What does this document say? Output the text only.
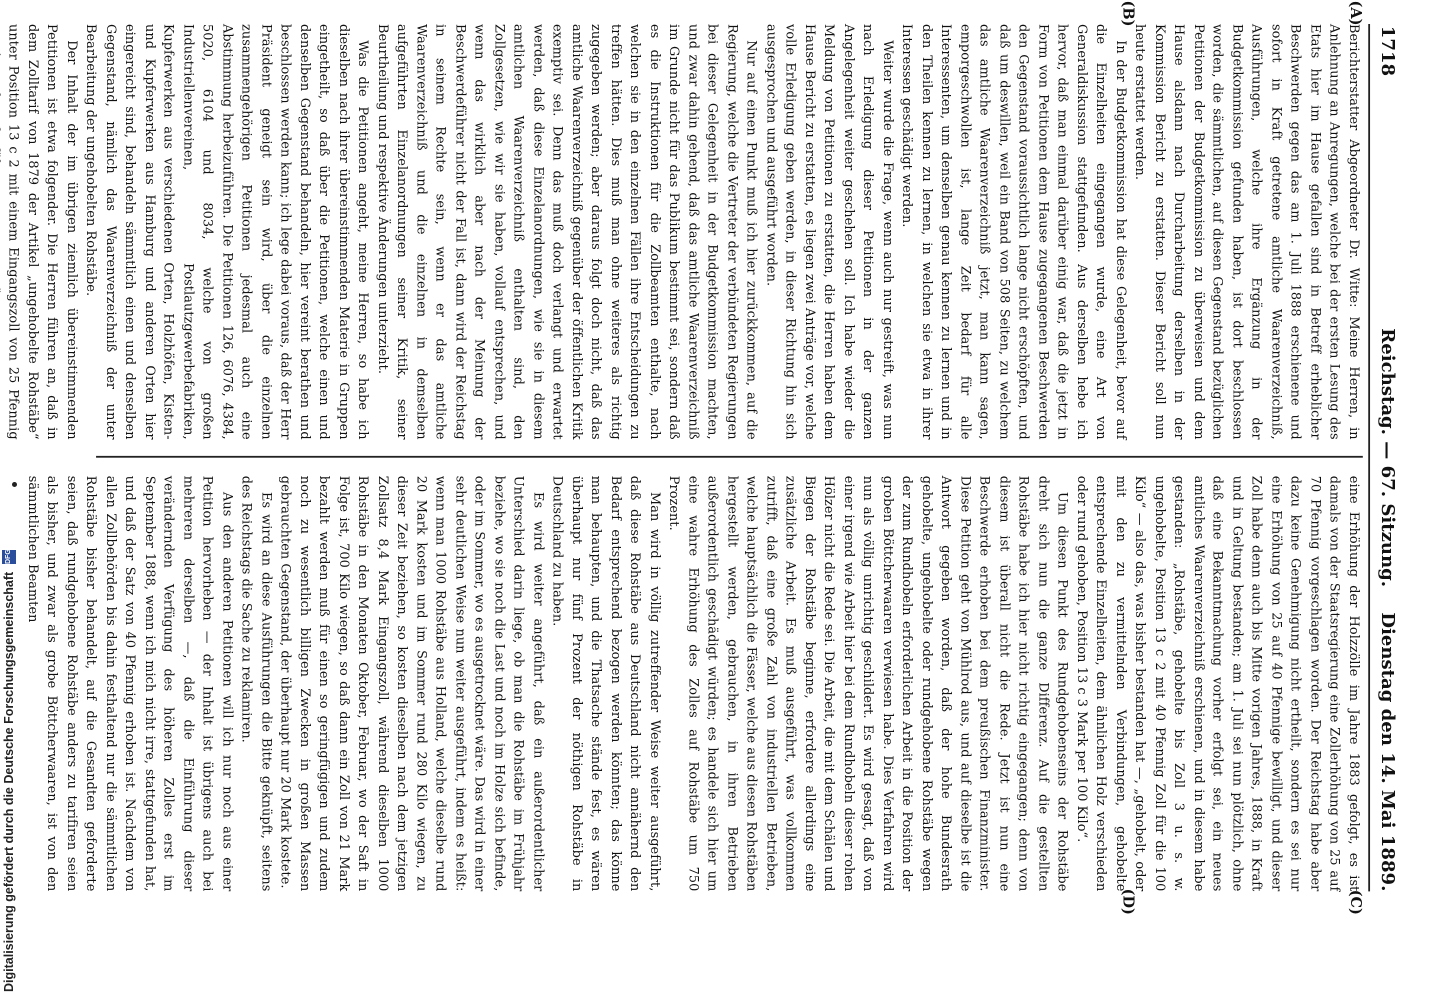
1718
Reichstag. — 67. Sitzung.
Dienstag den 14. Mai 1889.

Berichterstatter Abgeordneter Dr. Witte: Meine Herren, in Anlehnung an Anregungen, welche bei der ersten Lesung des Etats hier im Hause gefallen sind in Betreff erheblicher Beschwerden gegen das am 1. Juli 1888 erschienene und sofort in Kraft getretene amtliche Waarenverzeichniß, Ausführungen, welche ihre Ergänzung in der Budgetkommission gefunden haben, ist dort beschlossen worden, die sämmtlichen, auf diesen Gegenstand bezüglichen Petitionen der Budgetkommission zu überweisen und dem Hause alsdann nach Durcharbeitung derselben in der Kommission Bericht zu erstatten. Dieser Bericht soll nun heute erstattet werden.

In der Budgetkommission hat diese Gelegenheit, bevor auf die Einzelheiten eingegangen wurde, eine Art von Generaldiskussion stattgefunden. Aus derselben hebe ich hervor, daß man einmal darüber einig war, daß die jetzt in Form von Petitionen dem Hause zugegangenen Beschwerden den Gegenstand voraussichtlich lange nicht erschöpften, und daß um deswillen, weil ein Band von 508 Seiten, zu welchem das amtliche Waarenverzeichniß jetzt, man kann sagen, emporgeschwollen ist, lange Zeit bedarf für alle Interessenten, um denselben genau kennen zu lernen und in den Theilen kennen zu lernen, in welchen sie etwa in ihrer Interessen geschädigt werden.

Weiter wurde die Frage, wenn auch nur gestreift, was nun nach Erledigung dieser Petitionen in der ganzen Angelegenheit weiter geschehen soll. Ich habe wieder die Meldung von Petitionen zu erstatten, die Herren haben dem Hause Bericht zu erstatten, es liegen zwei Anträge vor, welche volle Erledigung geben werden, in dieser Richtung hin sich ausgesprochen und ausgeführt worden.

Nur auf einen Punkt muß ich hier zurückkommen, auf die Regierung, welche die Vertreter der verbündeten Regierungen bei dieser Gelegenheit in der Budgetkommission machten, und zwar dahin gehend, daß das amtliche Waarenverzeichniß im Grunde nicht für das Publikum bestimmt sei, sondern daß es die Instruktionen für die Zollbeamten enthalte, nach welchen sie in den einzelnen Fällen ihre Entscheidungen zu treffen hätten. Dies muß man ohne weiteres als richtig zugegeben werden; aber daraus folgt doch nicht, daß das amtliche Waarenverzeichniß gegenüber der öffentlichen Kritik exemptiv sei. Denn das muß doch verlangt und erwartet werden, daß diese Einzelanordnungen, wie sie in diesem amtlichen Waarenverzeichniß enthalten sind, den Zollgesetzen, wie wir sie haben, vollauf entsprechen, und wenn das wirklich aber nach der Meinung der Beschwerdeführer nicht der Fall ist, dann wird der Reichstag in seinem Rechte sein, wenn er das amtliche Waarenverzeichniß und die einzelnen in demselben aufgeführten Einzelanordnungen seiner Kritik, seiner Beurtheilung und respektive Änderungen unterzieht.

Was die Petitionen angeht, meine Herren, so habe ich dieselben nach ihrer übereinstimmenden Materie in Gruppen eingetheilt, so daß über die Petitionen, welche einen und denselben Gegenstand behandeln, hier vereint berathen und beschlossen werden kann; ich lege dabei voraus, daß der Herr Präsident geneigt sein wird, über die einzelnen zusammengehörigen Petitionen jedesmal auch eine Abstimmung herbeizuführen. Die Petitionen 126, 6076, 4384, 5020, 6104 und 8034, welche von großen Industriellenvereinen, Postlautzgewerbefabriken, Kupferwerken aus verschiedenen Orten, Holzhöfen, Kisten- und Kupferwerken aus Hamburg und anderen Orten hier eingereicht sind, behandeln sämmtlich einen und denselben Gegenstand, nämlich das Waarenverzeichniß der unter Bearbeitung der ungehobelten Rohstäbe.

Der Inhalt der im übrigen ziemlich übereinstimmenden Petitionen ist etwa folgender. Die Herren führen an, daß in dem Zolltarif von 1879 der Artikel „ungehobelte Rohstäbe“ unter Position 13 c 2 mit einem Eingangszoll von 25 Pfennig

eine Erhöhung der Holzzölle im Jahre 1883 gefolgt, es ist damals von der Staatsregierung eine Zollerhöhung von 25 auf 70 Pfennig vorgeschlagen worden. Der Reichstag habe aber dazu keine Genehmigung nicht ertheilt, sondern es sei nur eine Erhöhung von 25 auf 40 Pfennige bewilligt, und dieser Zoll habe denn auch bis Mitte vorigen Jahres, 1888, in Kraft und in Geltung bestanden; am 1. Juli sei nun plötzlich, ohne daß eine Bekanntmachung vorher erfolgt sei, ein neues amtliches Waarenverzeichniß erschienen, und in diesem habe gestanden: „Rohstäbe, gehobelte bis Zoll 3 u. s. w. ungehobelte, Position 13 c 2 mit 40 Pfennig Zoll für die 100 Kilo“ — also das, was bisher bestanden hat —, „gehobelt, oder mit den zu vermittelnden Verbindungen, gehobelte entsprechende Einzelheiten, dem ähnlichen Holz verschieden oder rund gehoben, Position 13 c 3 Mark per 100 Kilo“.

Um diesen Punkt des Rundgehobenseins der Rohstäbe dreht sich nun die ganze Differenz. Auf die gestellten Rohstäbe habe ich hier nicht richtig eingegangen; denn von diesem ist überall nicht die Rede. Jetzt ist nun eine Beschwerde erhoben bei dem preußischen Finanzminister. Diese Petition geht von Mühlrod aus, und auf dieselbe ist die Antwort gegeben worden, daß der hohe Bundesrath gehobelte, ungehobelte oder rundgehobene Rohstäbe wegen der zum Rundhobeln erforderlichen Arbeit in die Position der groben Böttcherwaaren verwiesen habe. Dies Verfahren wird nun als völlig unrichtig geschildert. Es wird gesagt, daß von einer irgend wie Arbeit hier bei dem Rundhobeln dieser rohen Hölzer nicht die Rede sei. Die Arbeit, die mit dem Schälen und Biegen der Rohstäbe beginne, erfordere allerdings eine zusätzliche Arbeit. Es muß ausgeführt, was vollkommen zutrifft, daß eine große Zahl von industriellen Betrieben, welche hauptsächlich die Fässer, welche aus diesen Rohstäben hergestellt werden, gebrauchen, in ihren Betrieben außerordentlich geschädigt würden; es handele sich hier um eine wahre Erhöhung des Zolles auf Rohstäbe um 750 Prozent.

Man wird in völlig zutreffender Weise weiter ausgeführt, daß diese Rohstäbe aus Deutschland nicht annähernd den Bedarf entsprechend bezogen werden könnten; das könne man behaupten, und die Thatsache stände fest, es wären überhaupt nur fünf Prozent der nöthigen Rohstäbe in Deutschland zu haben.

Es wird weiter angeführt, daß ein außerordentlicher Unterschied darin liege, ob man die Rohstäbe im Frühjahr beziehe, wo sie noch die Last und noch im Holze sich befinde, oder im Sommer, wo es ausgetrocknet wäre. Das wird in einer sehr deutlichen Weise nun weiter ausgeführt, indem es heißt: wenn man 1000 Rohstäbe aus Holland, welche dieselbe rund 20 Mark kosten und im Sommer rund 280 Kilo wiegen, zu dieser Zeit beziehen, so kosten dieselben nach dem jetzigen Zollsatz 8,4 Mark Eingangszoll, während dieselben 1000 Rohstäbe in den Monaten Oktober, Februar, wo der Saft in Folge ist, 700 Kilo wiegen, so daß dann ein Zoll von 21 Mark bezahlt werden muß für einen so geringfügigen und zudem noch zu wesentlich billigen Zwecken in großen Massen gebrauchten Gegenstand, der überhaupt nur 20 Mark kostete.

Es wird an diese Ausführungen die Bitte geknüpft, seitens des Reichstags die Sache zu reklamiren.

Aus den anderen Petitionen will ich nur noch aus einer Petition hervorheben — der Inhalt ist übrigens auch bei mehreren derselben —, daß die Einführung dieser verändernden Verfügung des höheren Zolles erst im September 1888, wenn ich mich nicht irre, stattgefunden hat, und daß der Satz von 40 Pfennig erhoben ist. Nachdem von allen Zollbehörden bis dahin festhaltend nur die sämmtlichen Rohstäbe bisher behandelt, auf die Gesandten geforderte seien, daß rundgehobene Rohstäbe anders zu tarifiren seien als bisher, und zwar als grobe Böttcherwaaren, ist von den sämmtlichen Beamten

(A)
(B)
(C)
(D)
Digitalisierung gefördert durch die Deutsche Forschungsgemeinschaft DFG
